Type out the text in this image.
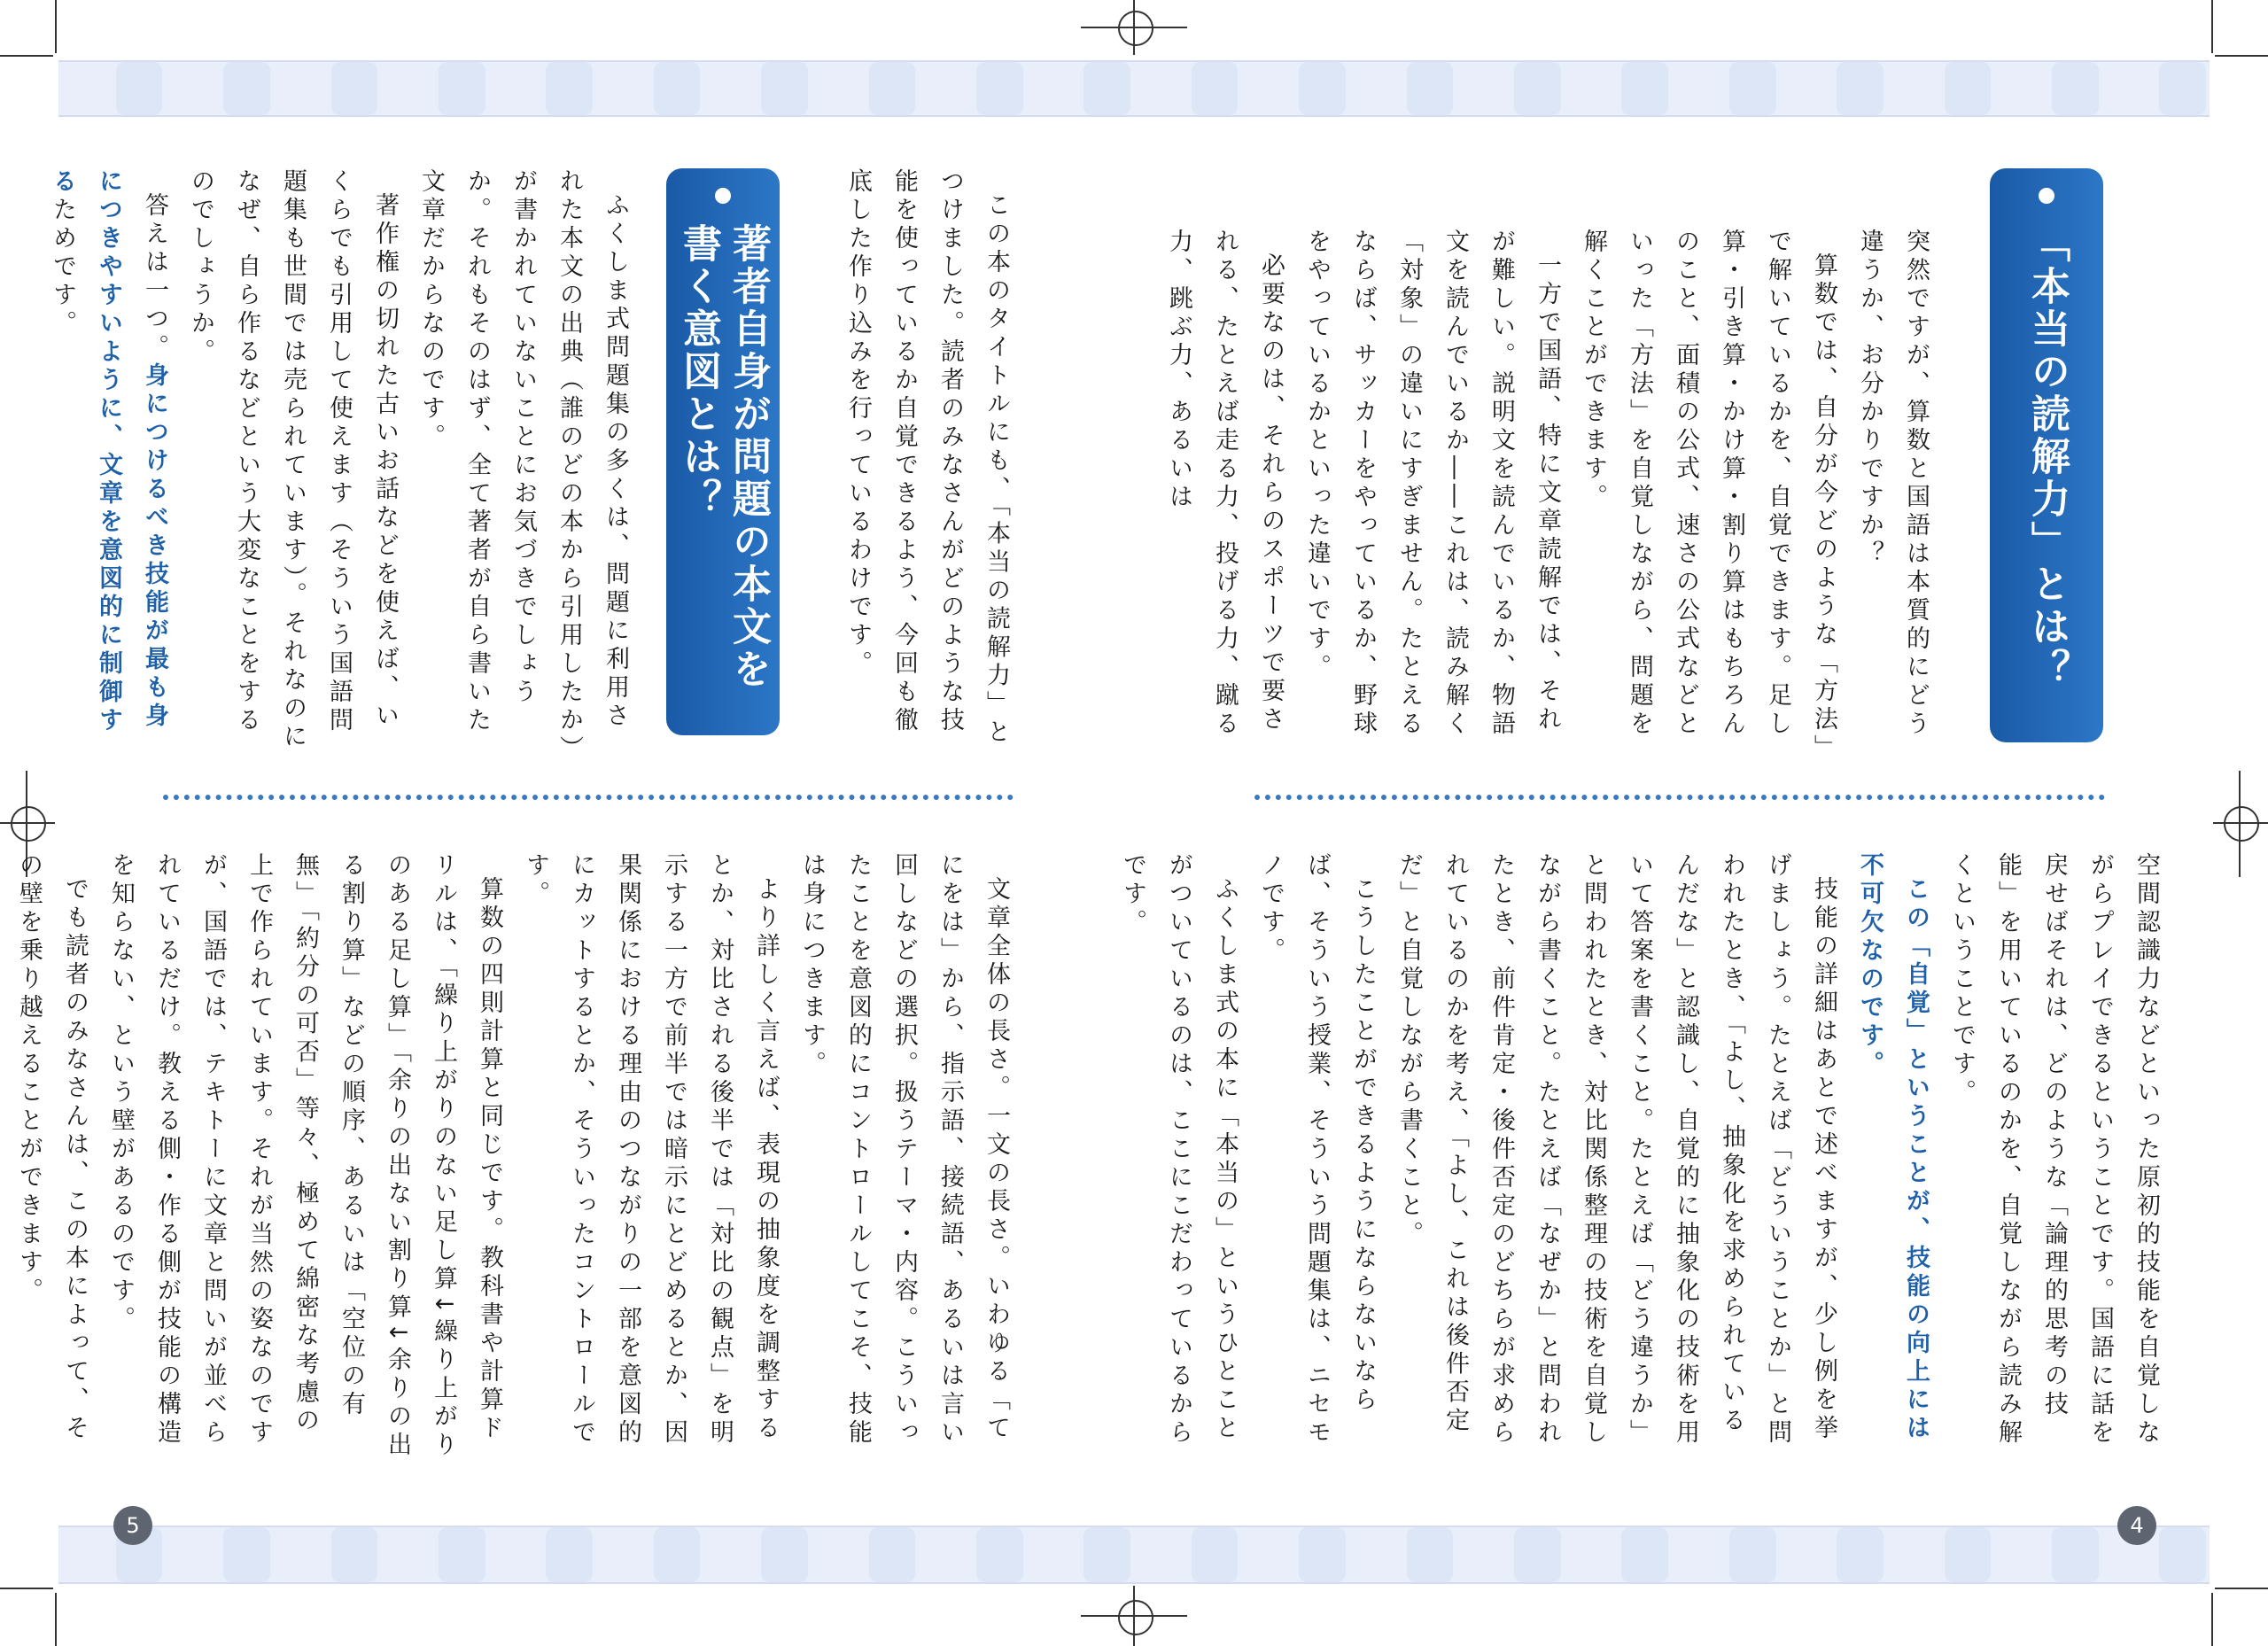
「本当の読解力」とは？

突然ですが、算数と国語は本質的にどう違うか、お分かりですか？

算数では、自分が今どのような「方法」で解いているかを、自覚できます。足し算・引き算・かけ算・割り算はもちろんのこと、面積の公式、速さの公式などといった「方法」を自覚しながら、問題を解くことができます。

一方で国語、特に文章読解では、それが難しい。説明文を読んでいるか、物語文を読んでいるか――これは、読み解く「対象」の違いにすぎません。たとえるならば、サッカーをやっているか、野球をやっているかといった違いです。

必要なのは、それらのスポーツで要される、たとえば走る力、投げる力、蹴る力、跳ぶ力、あるいは

空間認識力などといった原初的技能を自覚しながらプレイできるということです。国語に話を戻せばそれは、どのような「論理的思考の技能」を用いているのかを、自覚しながら読み解くということです。

この「自覚」ということが、技能の向上には不可欠なのです。

技能の詳細はあとで述べますが、少し例を挙げましょう。たとえば「どういうことか」と問われたとき、「よし、抽象化を求められているんだな」と認識し、自覚的に抽象化の技術を用いて答案を書くこと。たとえば「どう違うか」と問われたとき、対比関係整理の技術を自覚しながら書くこと。たとえば「なぜか」と問われたとき、前件肯定・後件否定のどちらが求められているのかを考え、「よし、これは後件否定だ」と自覚しながら書くこと。

こうしたことができるようにならないならば、そういう授業、そういう問題集は、ニセモノです。

ふくしま式の本に「本当の」というひとことがついているのは、ここにこだわっているからです。

4

この本のタイトルにも、「本当の読解力」とつけました。読者のみなさんがどのような技能を使っているか自覚できるよう、今回も徹底した作り込みを行っているわけです。

著者自身が問題の本文を書く意図とは？

ふくしま式問題集の多くは、問題に利用された本文の出典（誰のどの本から引用したか）が書かれていないことにお気づきでしょうか。それもそのはず、全て著者が自ら書いた文章だからなのです。

著作権の切れた古いお話などを使えば、いくらでも引用して使えます（そういう国語問題集も世間では売られています）。それなのになぜ、自ら作るなどという大変なことをするのでしょうか。

答えは一つ。身につけるべき技能が最も身につきやすいように、文章を意図的に制御するためです。

文章全体の長さ。一文の長さ。いわゆる「てにをは」から、指示語、接続語、あるいは言い回しなどの選択。扱うテーマ・内容。こういったことを意図的にコントロールしてこそ、技能は身につきます。

より詳しく言えば、表現の抽象度を調整するとか、対比される後半では「対比の観点」を明示する一方で前半では暗示にとどめるとか、因果関係における理由のつながりの一部を意図的にカットするとか、そういったコントロールです。

算数の四則計算と同じです。教科書や計算ドリルは、「繰り上がりのない足し算↓繰り上がりのある足し算」「余りの出ない割り算↓余りの出る割り算」などの順序、あるいは「空位の有無」「約分の可否」等々、極めて綿密な考慮の上で作られています。それが当然の姿なのですが、国語では、テキトーに文章と問いが並べられているだけ。教える側・作る側が技能の構造を知らない、という壁があるのです。

でも読者のみなさんは、この本によって、その壁を乗り越えることができます。

5
